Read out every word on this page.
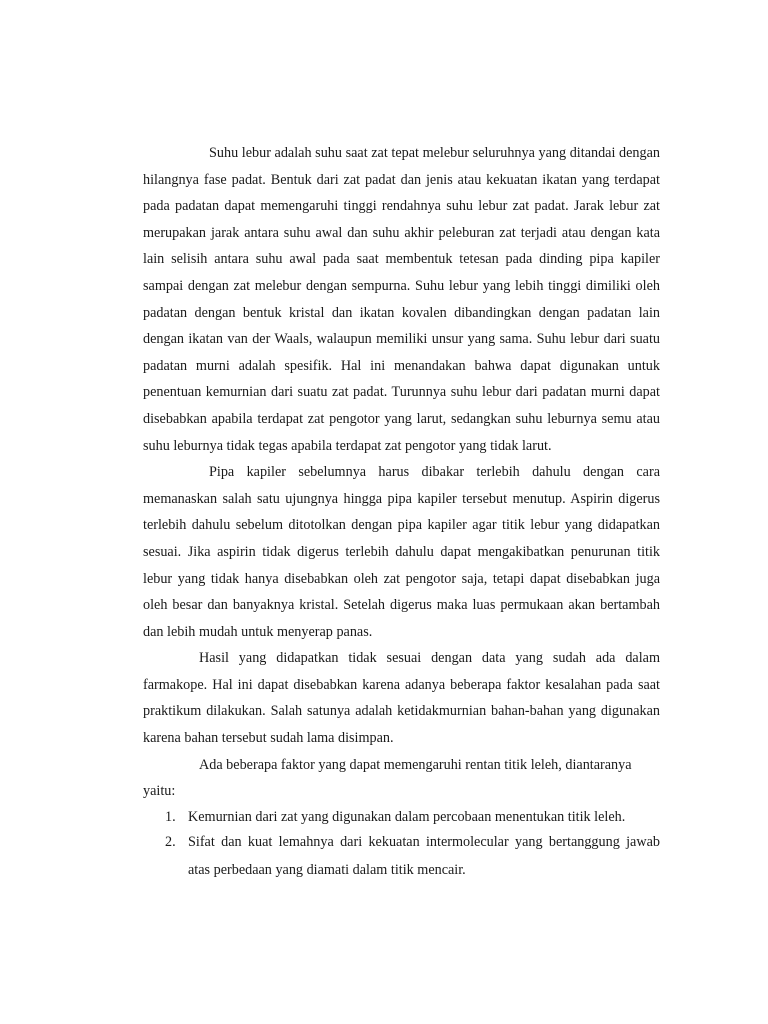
Suhu lebur adalah suhu saat zat tepat melebur seluruhnya yang ditandai dengan hilangnya fase padat. Bentuk dari zat padat dan jenis atau kekuatan ikatan yang terdapat pada padatan dapat memengaruhi tinggi rendahnya suhu lebur zat padat. Jarak lebur zat merupakan jarak antara suhu awal dan suhu akhir peleburan zat terjadi atau dengan kata lain selisih antara suhu awal pada saat membentuk tetesan pada dinding pipa kapiler sampai dengan zat melebur dengan sempurna. Suhu lebur yang lebih tinggi dimiliki oleh padatan dengan bentuk kristal dan ikatan kovalen dibandingkan dengan padatan lain dengan ikatan van der Waals, walaupun memiliki unsur yang sama. Suhu lebur dari suatu padatan murni adalah spesifik. Hal ini menandakan bahwa dapat digunakan untuk penentuan kemurnian dari suatu zat padat. Turunnya suhu lebur dari padatan murni dapat disebabkan apabila terdapat zat pengotor yang larut, sedangkan suhu leburnya semu atau suhu leburnya tidak tegas apabila terdapat zat pengotor yang tidak larut.

Pipa kapiler sebelumnya harus dibakar terlebih dahulu dengan cara memanaskan salah satu ujungnya hingga pipa kapiler tersebut menutup. Aspirin digerus terlebih dahulu sebelum ditotolkan dengan pipa kapiler agar titik lebur yang didapatkan sesuai. Jika aspirin tidak digerus terlebih dahulu dapat mengakibatkan penurunan titik lebur yang tidak hanya disebabkan oleh zat pengotor saja, tetapi dapat disebabkan juga oleh besar dan banyaknya kristal. Setelah digerus maka luas permukaan akan bertambah dan lebih mudah untuk menyerap panas.

Hasil yang didapatkan tidak sesuai dengan data yang sudah ada dalam farmakope. Hal ini dapat disebabkan karena adanya beberapa faktor kesalahan pada saat praktikum dilakukan. Salah satunya adalah ketidakmurnian bahan-bahan yang digunakan karena bahan tersebut sudah lama disimpan.

Ada beberapa faktor yang dapat memengaruhi rentan titik leleh, diantaranya yaitu:

1. Kemurnian dari zat yang digunakan dalam percobaan menentukan titik leleh.
2. Sifat dan kuat lemahnya dari kekuatan intermolecular yang bertanggung jawab atas perbedaan yang diamati dalam titik mencair.
